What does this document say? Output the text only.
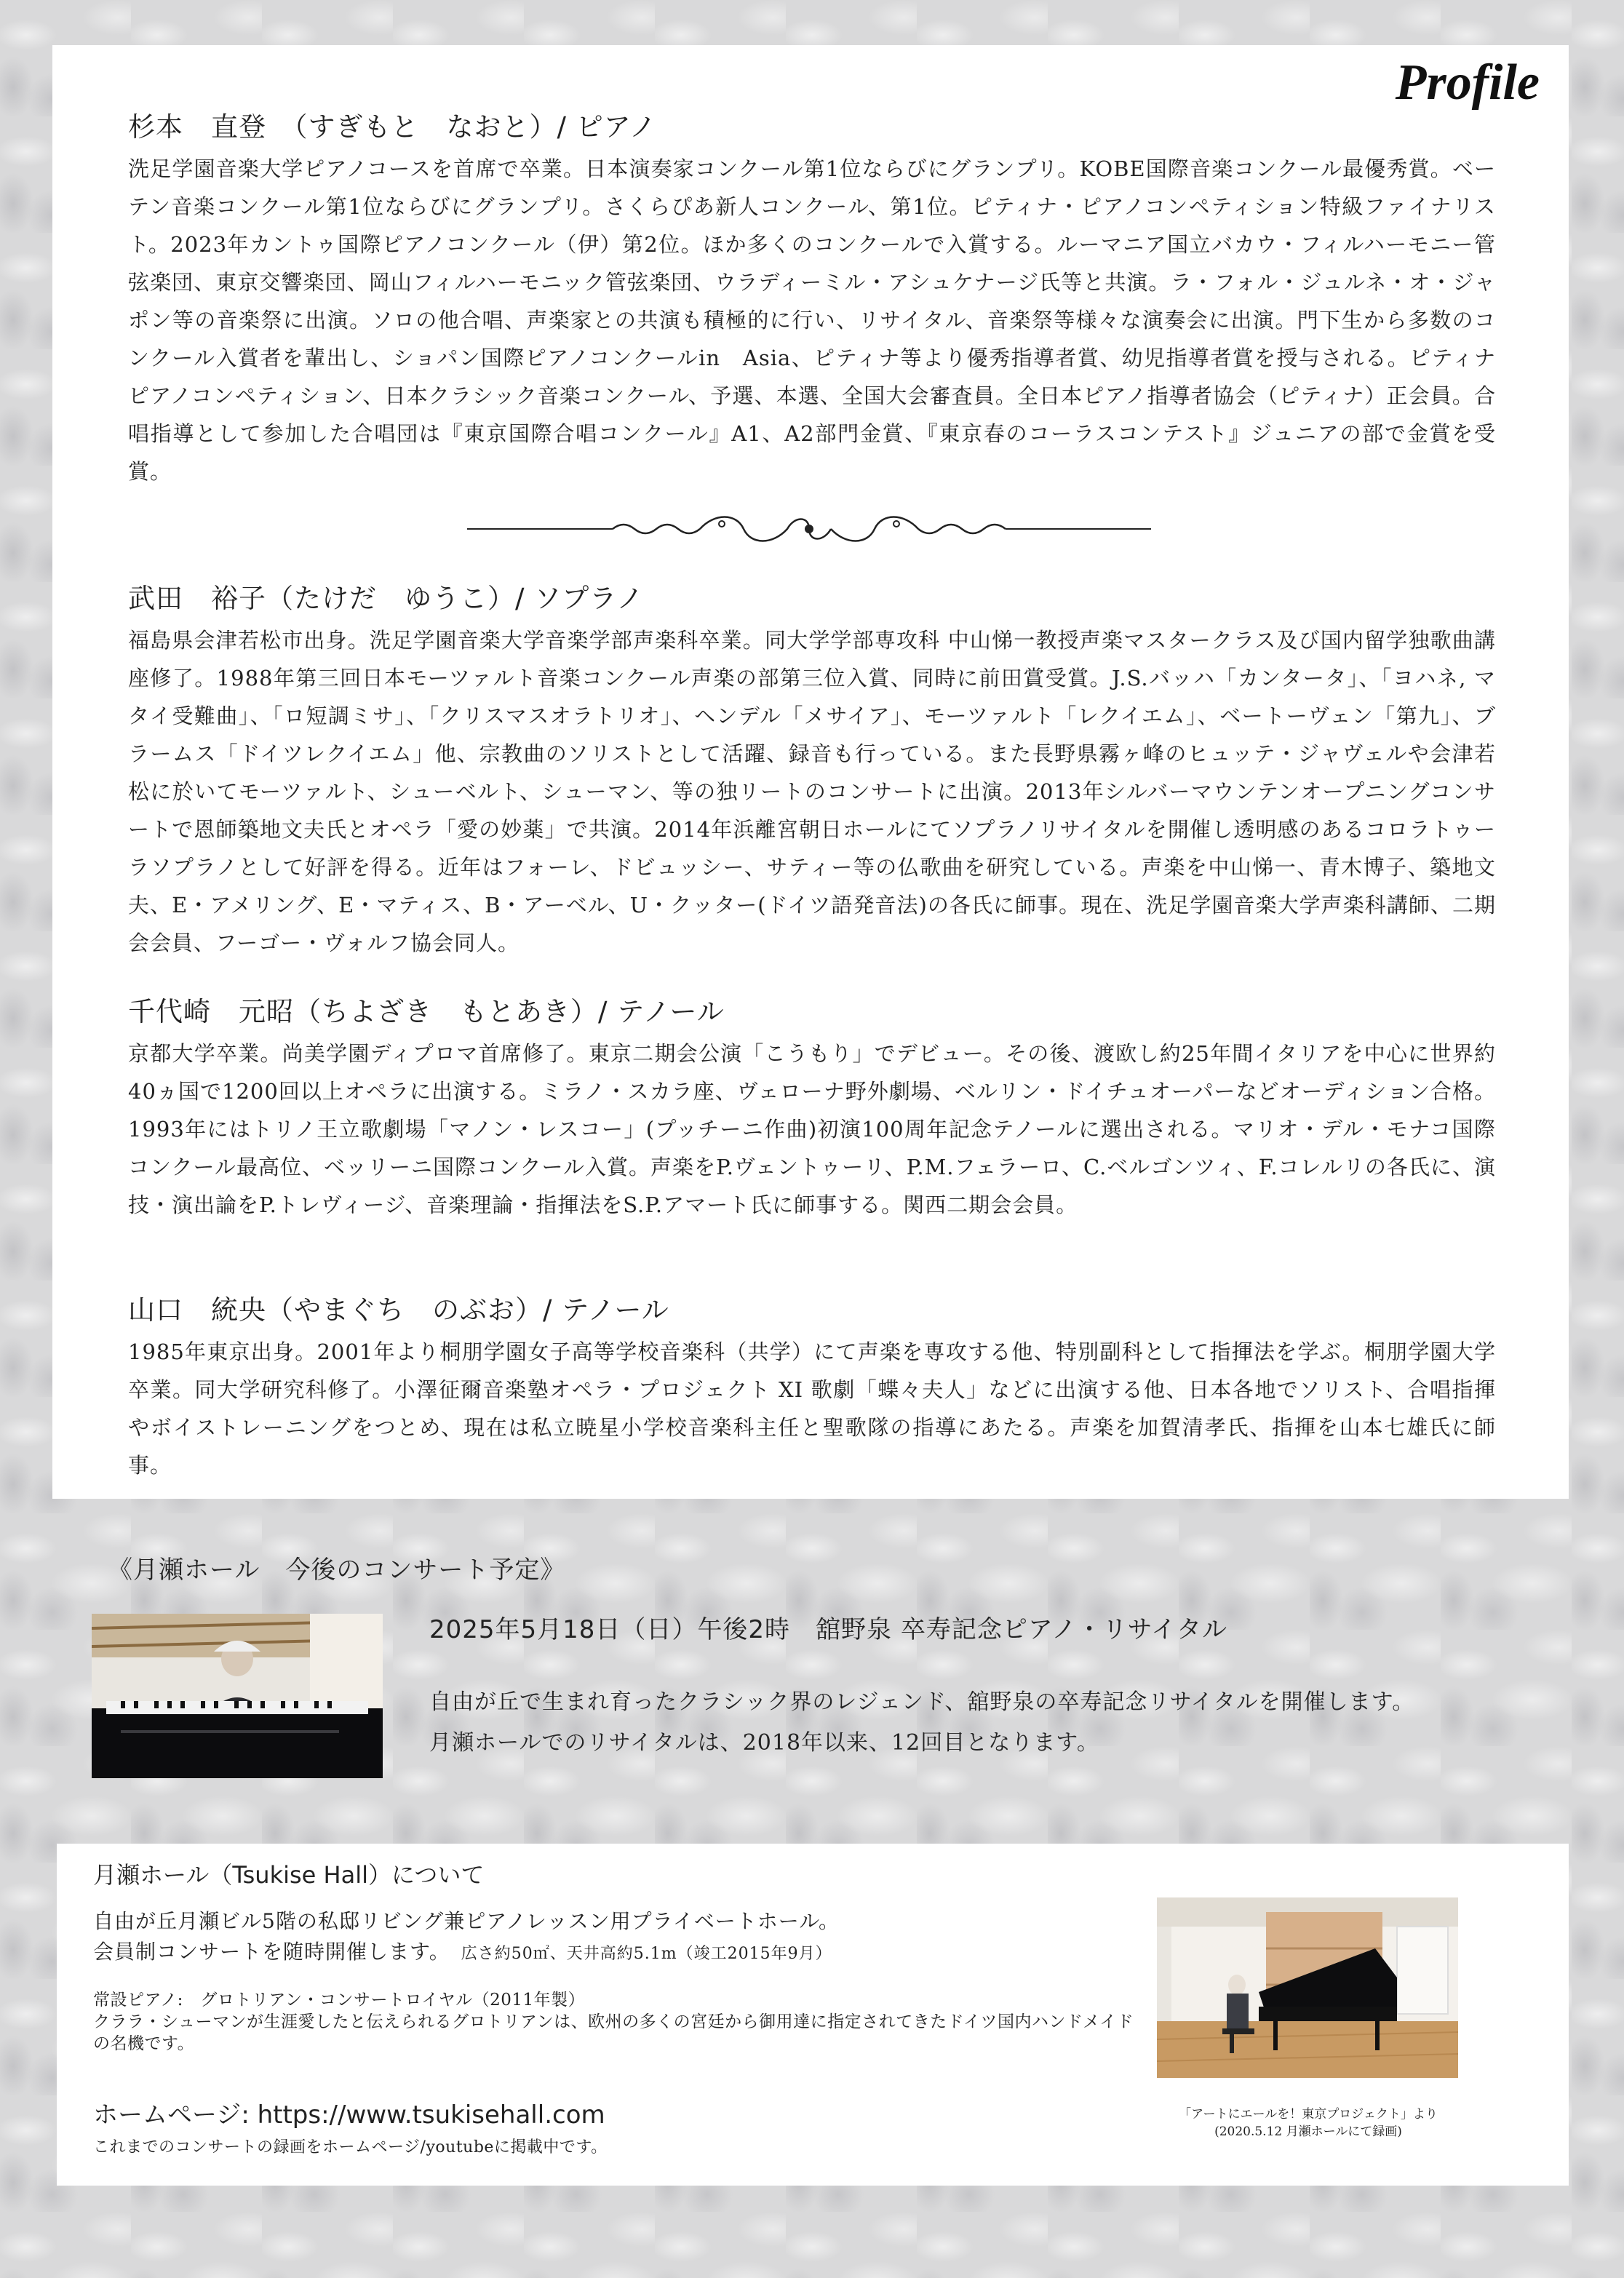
Profile
杉本　直登　（すぎもと　なおと）/ ピアノ

洗足学園音楽大学ピアノコースを首席で卒業。日本演奏家コンクール第1位ならびにグランプリ。KOBE国際音楽コンクール最優秀賞。ベーテン音楽コンクール第1位ならびにグランプリ。さくらぴあ新人コンクール、第1位。ピティナ・ピアノコンペティション特級ファイナリスト。2023年カントゥ国際ピアノコンクール（伊）第2位。ほか多くのコンクールで入賞する。ルーマニア国立バカウ・フィルハーモニー管弦楽団、東京交響楽団、岡山フィルハーモニック管弦楽団、ウラディーミル・アシュケナージ氏等と共演。ラ・フォル・ジュルネ・オ・ジャポン等の音楽祭に出演。ソロの他合唱、声楽家との共演も積極的に行い、リサイタル、音楽祭等様々な演奏会に出演。門下生から多数のコンクール入賞者を輩出し、ショパン国際ピアノコンクールin　Asia、ピティナ等より優秀指導者賞、幼児指導者賞を授与される。ピティナピアノコンペティション、日本クラシック音楽コンクール、予選、本選、全国大会審査員。全日本ピアノ指導者協会（ピティナ）正会員。合唱指導として参加した合唱団は『東京国際合唱コンクール』A1、A2部門金賞、『東京春のコーラスコンテスト』ジュニアの部で金賞を受賞。

武田　裕子（たけだ　ゆうこ）/ ソプラノ

福島県会津若松市出身。洗足学園音楽大学音楽学部声楽科卒業。同大学学部専攻科 中山悌一教授声楽マスタークラス及び国内留学独歌曲講座修了。1988年第三回日本モーツァルト音楽コンクール声楽の部第三位入賞、同時に前田賞受賞。J.S.バッハ「カンタータ」、「ヨハネ, マタイ受難曲」、「ロ短調ミサ」、「クリスマスオラトリオ」、ヘンデル「メサイア」、モーツァルト「レクイエム」、ベートーヴェン「第九」、ブラームス「ドイツレクイエム」他、宗教曲のソリストとして活躍、録音も行っている。また長野県霧ヶ峰のヒュッテ・ジャヴェルや会津若松に於いてモーツァルト、シューベルト、シューマン、等の独リートのコンサートに出演。2013年シルバーマウンテンオープニングコンサートで恩師築地文夫氏とオペラ「愛の妙薬」で共演。2014年浜離宮朝日ホールにてソプラノリサイタルを開催し透明感のあるコロラトゥーラソプラノとして好評を得る。近年はフォーレ、ドビュッシー、サティー等の仏歌曲を研究している。声楽を中山悌一、青木博子、築地文夫、E・アメリング、E・マティス、B・アーベル、U・クッター(ドイツ語発音法)の各氏に師事。現在、洗足学園音楽大学声楽科講師、二期会会員、フーゴー・ヴォルフ協会同人。

千代崎　元昭（ちよざき　もとあき）/ テノール

京都大学卒業。尚美学園ディプロマ首席修了。東京二期会公演「こうもり」でデビュー。その後、渡欧し約25年間イタリアを中心に世界約40ヵ国で1200回以上オペラに出演する。ミラノ・スカラ座、ヴェローナ野外劇場、ベルリン・ドイチュオーパーなどオーディション合格。1993年にはトリノ王立歌劇場「マノン・レスコー」(プッチーニ作曲)初演100周年記念テノールに選出される。マリオ・デル・モナコ国際コンクール最高位、ベッリーニ国際コンクール入賞。声楽をP.ヴェントゥーリ、P.M.フェラーロ、C.ベルゴンツィ、F.コレルリの各氏に、演技・演出論をP.トレヴィージ、音楽理論・指揮法をS.P.アマート氏に師事する。関西二期会会員。

山口　統央（やまぐち　のぶお）/ テノール

1985年東京出身。2001年より桐朋学園女子高等学校音楽科（共学）にて声楽を専攻する他、特別副科として指揮法を学ぶ。桐朋学園大学卒業。同大学研究科修了。小澤征爾音楽塾オペラ・プロジェクト XI 歌劇「蝶々夫人」などに出演する他、日本各地でソリスト、合唱指揮やボイストレーニングをつとめ、現在は私立暁星小学校音楽科主任と聖歌隊の指導にあたる。声楽を加賀清孝氏、指揮を山本七雄氏に師事。

《月瀬ホール　今後のコンサート予定》
2025年5月18日（日）午後2時　舘野泉 卒寿記念ピアノ・リサイタル
自由が丘で生まれ育ったクラシック界のレジェンド、舘野泉の卒寿記念リサイタルを開催します。
月瀬ホールでのリサイタルは、2018年以来、12回目となります。
月瀬ホール（Tsukise Hall）について
自由が丘月瀬ビル5階の私邸リビング兼ピアノレッスン用プライベートホール。
会員制コンサートを随時開催します。　 広さ約50㎡、天井高約5.1m（竣工2015年9月）
常設ピアノ:　グロトリアン・コンサートロイヤル（2011年製）
クララ・シューマンが生涯愛したと伝えられるグロトリアンは、欧州の多くの宮廷から御用達に指定されてきたドイツ国内ハンドメイドの名機です。
ホームページ: https://www.tsukisehall.com
これまでのコンサートの録画をホームページ/youtubeに掲載中です。
「アートにエールを！東京プロジェクト」より
(2020.5.12 月瀬ホールにて録画)
